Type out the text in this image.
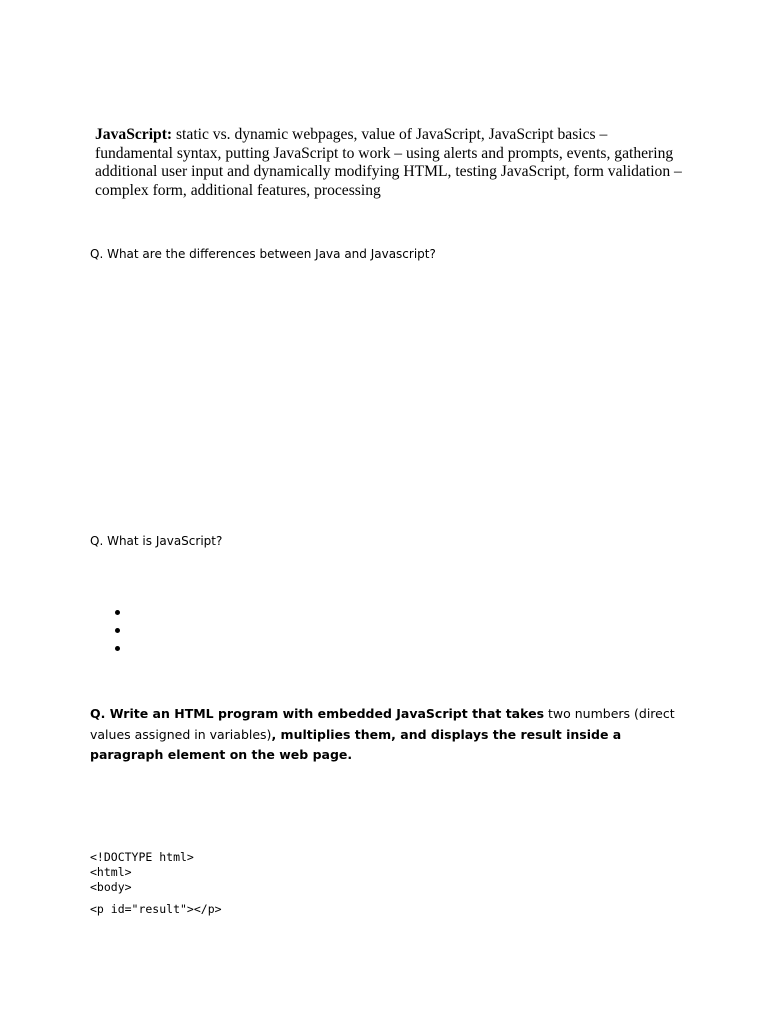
JavaScript: static vs. dynamic webpages, value of JavaScript, JavaScript basics – fundamental syntax, putting JavaScript to work – using alerts and prompts, events, gathering additional user input and dynamically modifying HTML, testing JavaScript, form validation – complex form, additional features, processing
Q. What are the differences between Java and Javascript?
Q. What is JavaScript?
Q. Write an HTML program with embedded JavaScript that takes two numbers (direct values assigned in variables), multiplies them, and displays the result inside a paragraph element on the web page.
<!DOCTYPE html>
<html>
<body>
<p id="result"></p>
